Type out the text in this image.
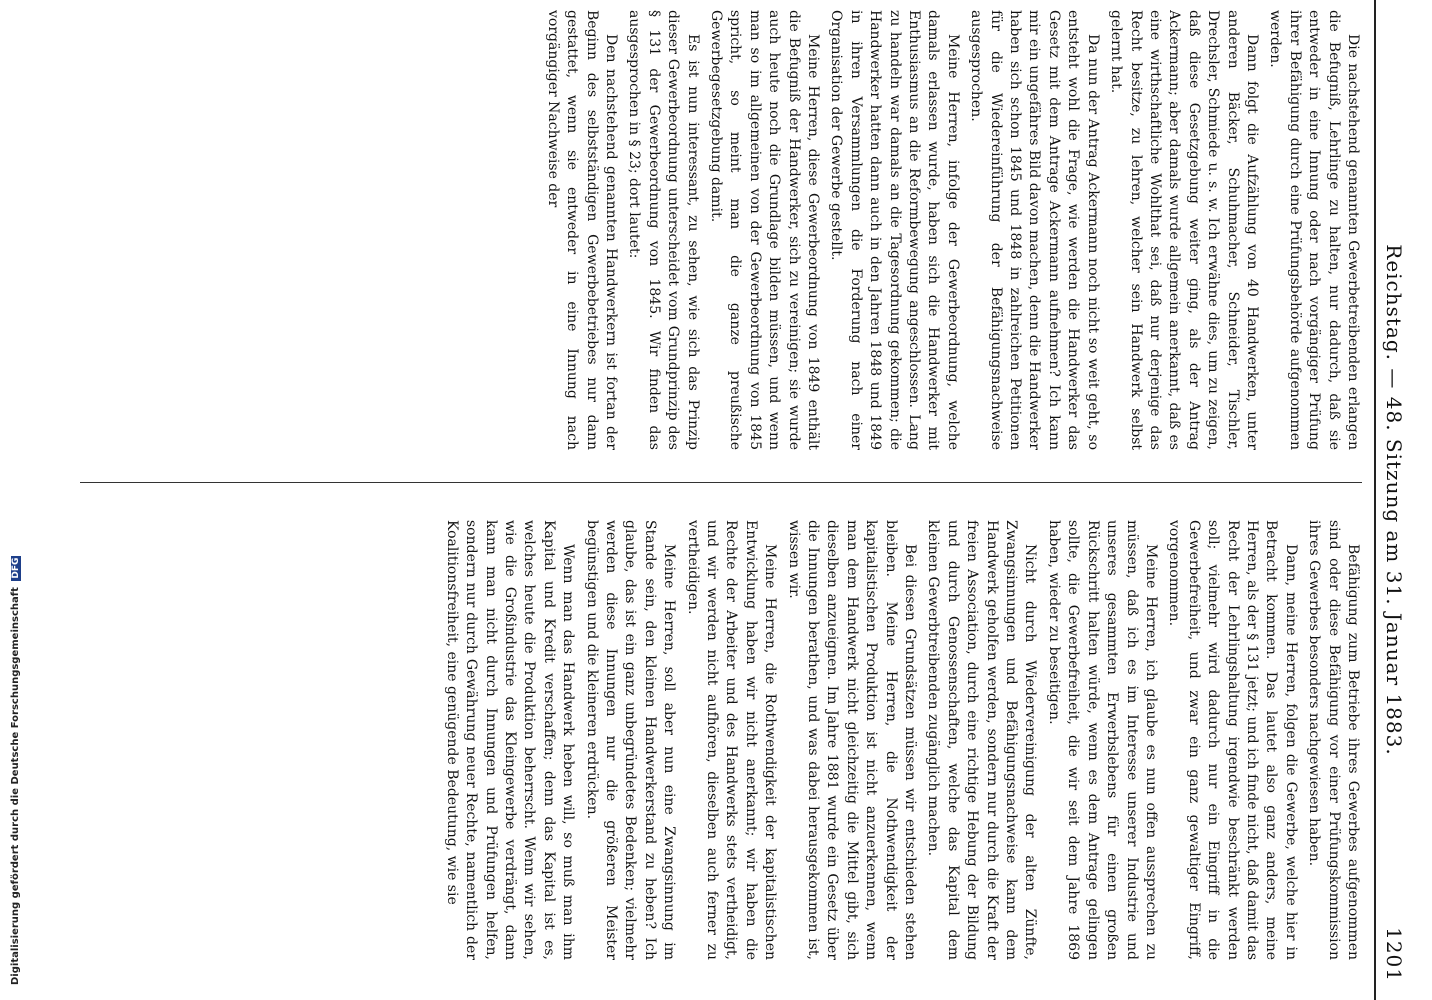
Reichstag. — 48. Sitzung am 31. Januar 1883.
1201

Die nachstehend genannten Gewerbetreibenden erlangen die Befugniß, Lehrlinge zu halten, nur dadurch, daß sie entweder in eine Innung oder nach vorgängiger Prüfung ihrer Befähigung durch eine Prüfungsbehörde aufgenommen werden.

Dann folgt die Aufzählung von 40 Handwerken, unter anderen Bäcker, Schuhmacher, Schneider, Tischler, Drechsler, Schmiede u. s. w. Ich erwähne dies, um zu zeigen, daß diese Gesetzgebung weiter ging, als der Antrag Ackermann; aber damals wurde allgemein anerkannt, daß es eine wirthschaftliche Wohlthat sei, daß nur derjenige das Recht besitze, zu lehren, welcher sein Handwerk selbst gelernt hat.

Da nun der Antrag Ackermann noch nicht so weit geht, so entsteht wohl die Frage, wie werden die Handwerker das Gesetz mit dem Antrage Ackermann aufnehmen? Ich kann mir ein ungefähres Bild davon machen, denn die Handwerker haben sich schon 1845 und 1848 in zahlreichen Petitionen für die Wiedereinführung der Befähigungsnachweise ausgesprochen.

Meine Herren, infolge der Gewerbeordnung, welche damals erlassen wurde, haben sich die Handwerker mit Enthusiasmus an die Reformbewegung angeschlossen. Lang zu handeln war damals an die Tagesordnung gekommen; die Handwerker hatten dann auch in den Jahren 1848 und 1849 in ihren Versammlungen die Forderung nach einer Organisation der Gewerbe gestellt.

Meine Herren, diese Gewerbeordnung von 1849 enthält die Befugniß der Handwerker, sich zu vereinigen; sie wurde auch heute noch die Grundlage bilden müssen, und wenn man so im allgemeinen von der Gewerbeordnung von 1845 spricht, so meint man die ganze preußische Gewerbegesetzgebung damit.

Es ist nun interessant, zu sehen, wie sich das Prinzip dieser Gewerbeordnung unterscheidet vom Grundprinzip des § 131 der Gewerbeordnung von 1845. Wir finden das ausgesprochen in § 23; dort lautet:

Den nachstehend genannten Handwerkern ist fortan der Beginn des selbstständigen Gewerbebetriebes nur dann gestattet, wenn sie entweder in eine Innung nach vorgängiger Nachweise der

Befähigung zum Betriebe ihres Gewerbes aufgenommen sind oder diese Befähigung vor einer Prüfungskommission ihres Gewerbes besonders nachgewiesen haben.

Dann, meine Herren, folgen die Gewerbe, welche hier in Betracht kommen. Das lautet also ganz anders, meine Herren, als der § 131 jetzt; und ich finde nicht, daß damit das Recht der Lehrlingshaltung irgendwie beschränkt werden soll; vielmehr wird dadurch nur ein Eingriff in die Gewerbefreiheit, und zwar ein ganz gewaltiger Eingriff, vorgenommen.

Meine Herren, ich glaube es nun offen aussprechen zu müssen, daß ich es im Interesse unserer Industrie und unseres gesammten Erwerbslebens für einen großen Rückschritt halten würde, wenn es dem Antrage gelingen sollte, die Gewerbefreiheit, die wir seit dem Jahre 1869 haben, wieder zu beseitigen.

Nicht durch Wiedervereinigung der alten Zünfte, Zwangsinnungen und Befähigungsnachweise kann dem Handwerk geholfen werden, sondern nur durch die Kraft der freien Association, durch eine richtige Hebung der Bildung und durch Genossenschaften, welche das Kapital dem kleinen Gewerbtreibenden zugänglich machen.

Bei diesen Grundsätzen müssen wir entschieden stehen bleiben. Meine Herren, die Nothwendigkeit der kapitalistischen Produktion ist nicht anzuerkennen, wenn man dem Handwerk nicht gleichzeitig die Mittel gibt, sich dieselben anzueignen. Im Jahre 1881 wurde ein Gesetz über die Innungen berathen, und was dabei herausgekommen ist, wissen wir.

Meine Herren, die Rothwendigkeit der kapitalistischen Entwicklung haben wir nicht anerkannt; wir haben die Rechte der Arbeiter und des Handwerks stets vertheidigt, und wir werden nicht aufhören, dieselben auch ferner zu vertheidigen.

Meine Herren, soll aber nun eine Zwangsinnung im Stande sein, den kleinen Handwerkerstand zu heben? Ich glaube, das ist ein ganz unbegründetes Bedenken; vielmehr werden diese Innungen nur die größeren Meister begünstigen und die kleineren erdrücken.

Wenn man das Handwerk heben will, so muß man ihm Kapital und Kredit verschaffen; denn das Kapital ist es, welches heute die Produktion beherrscht. Wenn wir sehen, wie die Großindustrie das Kleingewerbe verdrängt, dann kann man nicht durch Innungen und Prüfungen helfen, sondern nur durch Gewährung neuer Rechte, namentlich der Koalitionsfreiheit, eine genügende Bedeutung, wie sie

Digitalisierung gefördert durch die Deutsche Forschungsgemeinschaft DFG
